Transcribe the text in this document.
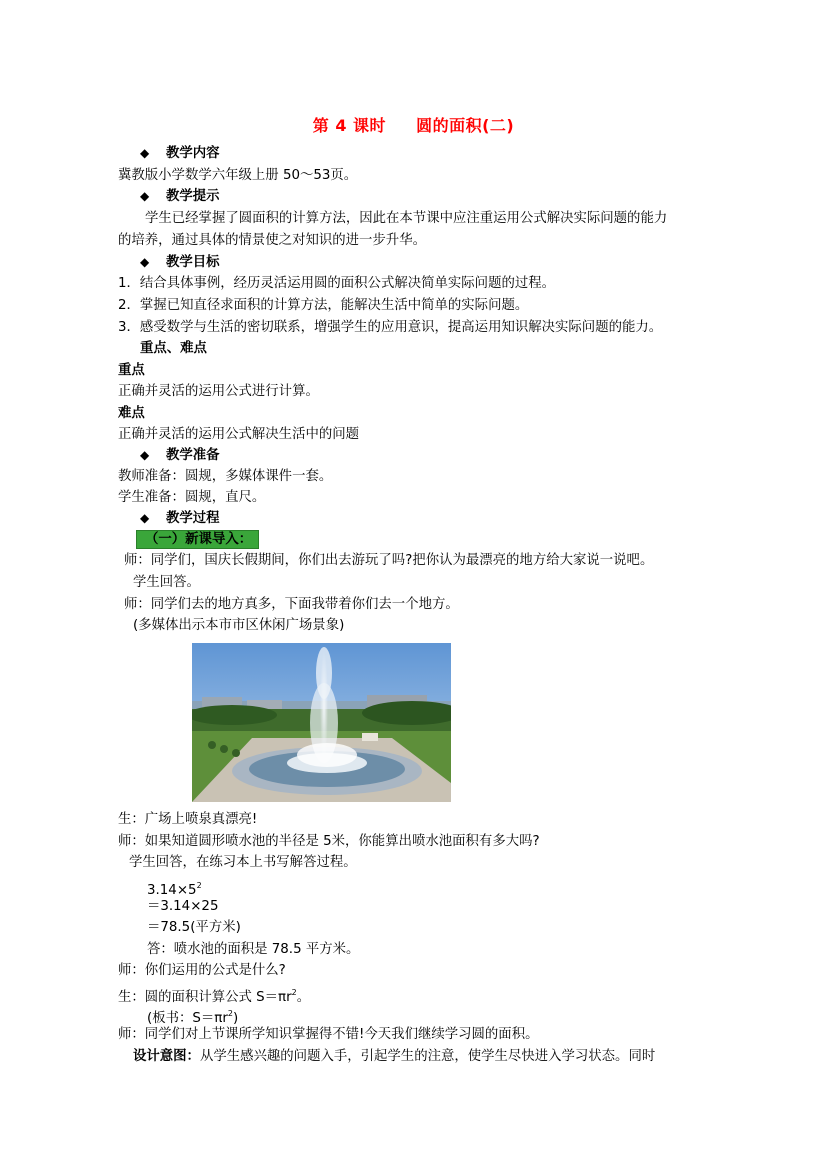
第 4 课时 圆的面积(二)
◆ 教学内容
冀教版小学数学六年级上册 50～53页。
◆ 教学提示
学生已经掌握了圆面积的计算方法，因此在本节课中应注重运用公式解决实际问题的能力
的培养，通过具体的情景使之对知识的进一步升华。
◆ 教学目标
1．结合具体事例，经历灵活运用圆的面积公式解决简单实际问题的过程。
2．掌握已知直径求面积的计算方法，能解决生活中简单的实际问题。
3．感受数学与生活的密切联系，增强学生的应用意识，提高运用知识解决实际问题的能力。
重点、难点
重点
正确并灵活的运用公式进行计算。
难点
正确并灵活的运用公式解决生活中的问题
◆ 教学准备
教师准备：圆规，多媒体课件一套。
学生准备：圆规，直尺。
◆ 教学过程
（一）新课导入：
师：同学们，国庆长假期间，你们出去游玩了吗?把你认为最漂亮的地方给大家说一说吧。
学生回答。
师：同学们去的地方真多，下面我带着你们去一个地方。
(多媒体出示本市市区休闲广场景象)
生：广场上喷泉真漂亮!
师：如果知道圆形喷水池的半径是 5米，你能算出喷水池面积有多大吗?
学生回答，在练习本上书写解答过程。
$3.14\times 5^2$
＝3.14×25
＝78.5(平方米)
答：喷水池的面积是 78.5 平方米。
师：你们运用的公式是什么?
生：圆的面积计算公式 $S=\pi r^2$。
(板书：$S=\pi r^2$)
师：同学们对上节课所学知识掌握得不错!今天我们继续学习圆的面积。
设计意图：从学生感兴趣的问题入手，引起学生的注意，使学生尽快进入学习状态。同时
